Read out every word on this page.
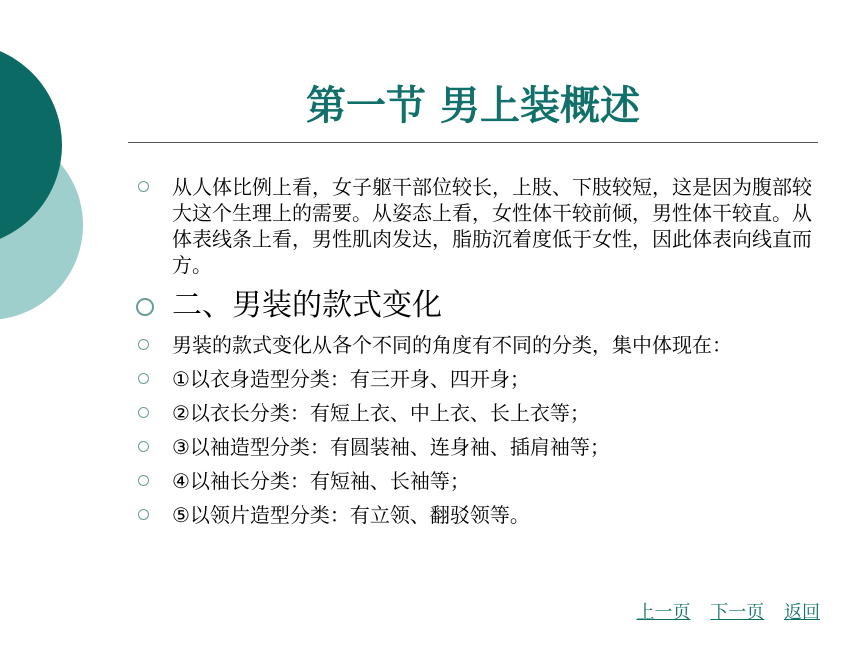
第一节 男上装概述
从人体比例上看，女子躯干部位较长，上肢、下肢较短，这是因为腹部较大这个生理上的需要。从姿态上看，女性体干较前倾，男性体干较直。从体表线条上看，男性肌肉发达，脂肪沉着度低于女性，因此体表向线直而方。
二、男装的款式变化
男装的款式变化从各个不同的角度有不同的分类，集中体现在：
①以衣身造型分类：有三开身、四开身；
②以衣长分类：有短上衣、中上衣、长上衣等；
③以袖造型分类：有圆装袖、连身袖、插肩袖等；
④以袖长分类：有短袖、长袖等；
⑤以领片造型分类：有立领、翻驳领等。
上一页 下一页 返回
